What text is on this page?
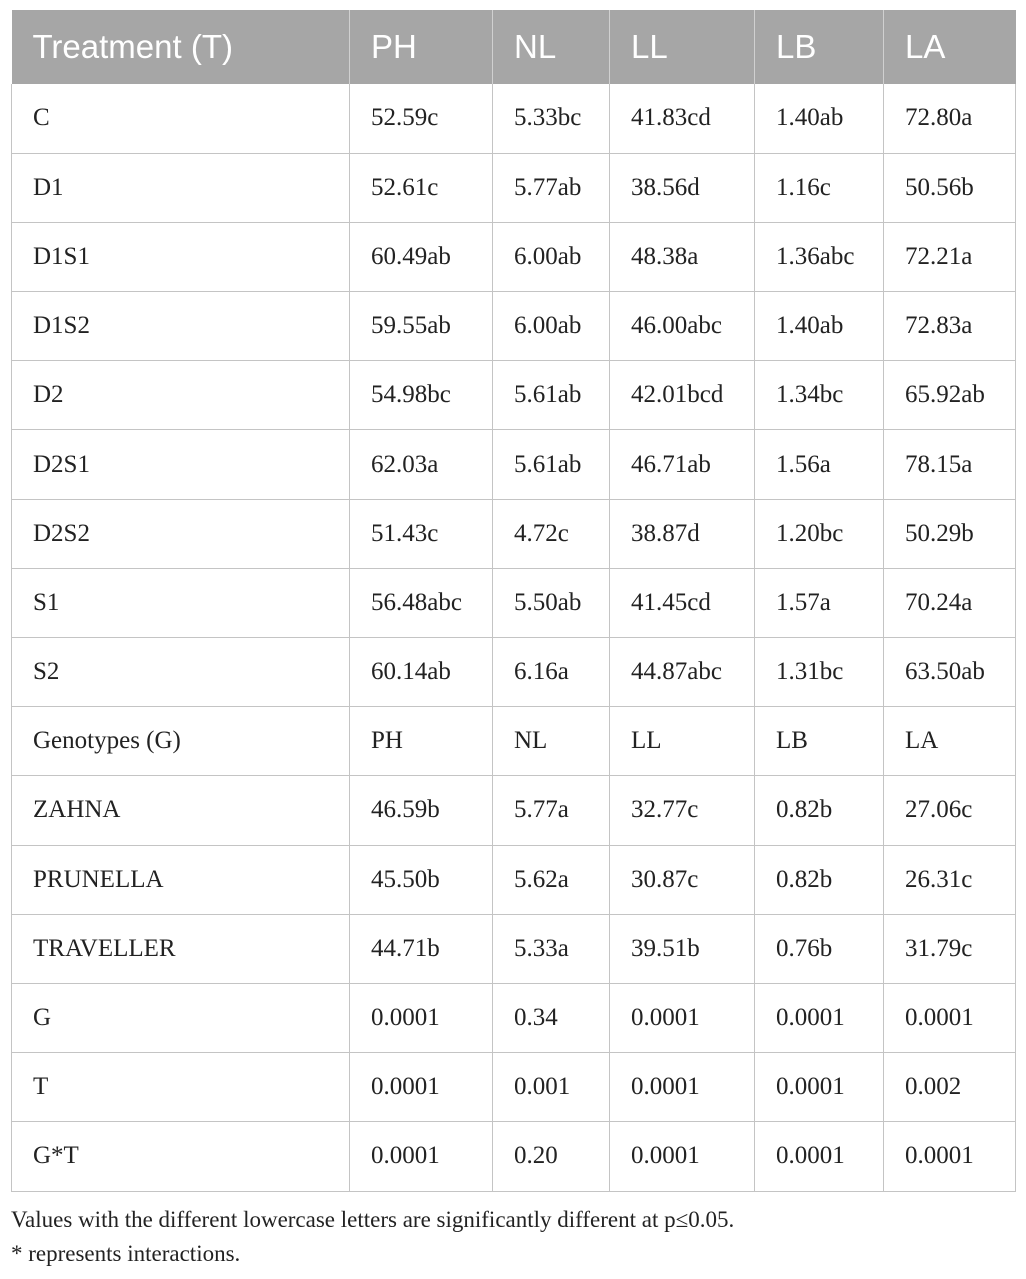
Treatment (T)	PH	NL	LL	LB	LA
C	52.59c	5.33bc	41.83cd	1.40ab	72.80a
D1	52.61c	5.77ab	38.56d	1.16c	50.56b
D1S1	60.49ab	6.00ab	48.38a	1.36abc	72.21a
D1S2	59.55ab	6.00ab	46.00abc	1.40ab	72.83a
D2	54.98bc	5.61ab	42.01bcd	1.34bc	65.92ab
D2S1	62.03a	5.61ab	46.71ab	1.56a	78.15a
D2S2	51.43c	4.72c	38.87d	1.20bc	50.29b
S1	56.48abc	5.50ab	41.45cd	1.57a	70.24a
S2	60.14ab	6.16a	44.87abc	1.31bc	63.50ab
Genotypes (G)	PH	NL	LL	LB	LA
ZAHNA	46.59b	5.77a	32.77c	0.82b	27.06c
PRUNELLA	45.50b	5.62a	30.87c	0.82b	26.31c
TRAVELLER	44.71b	5.33a	39.51b	0.76b	31.79c
G	0.0001	0.34	0.0001	0.0001	0.0001
T	0.0001	0.001	0.0001	0.0001	0.002
G*T	0.0001	0.20	0.0001	0.0001	0.0001
Values with the different lowercase letters are significantly different at p≤0.05.
* represents interactions.
